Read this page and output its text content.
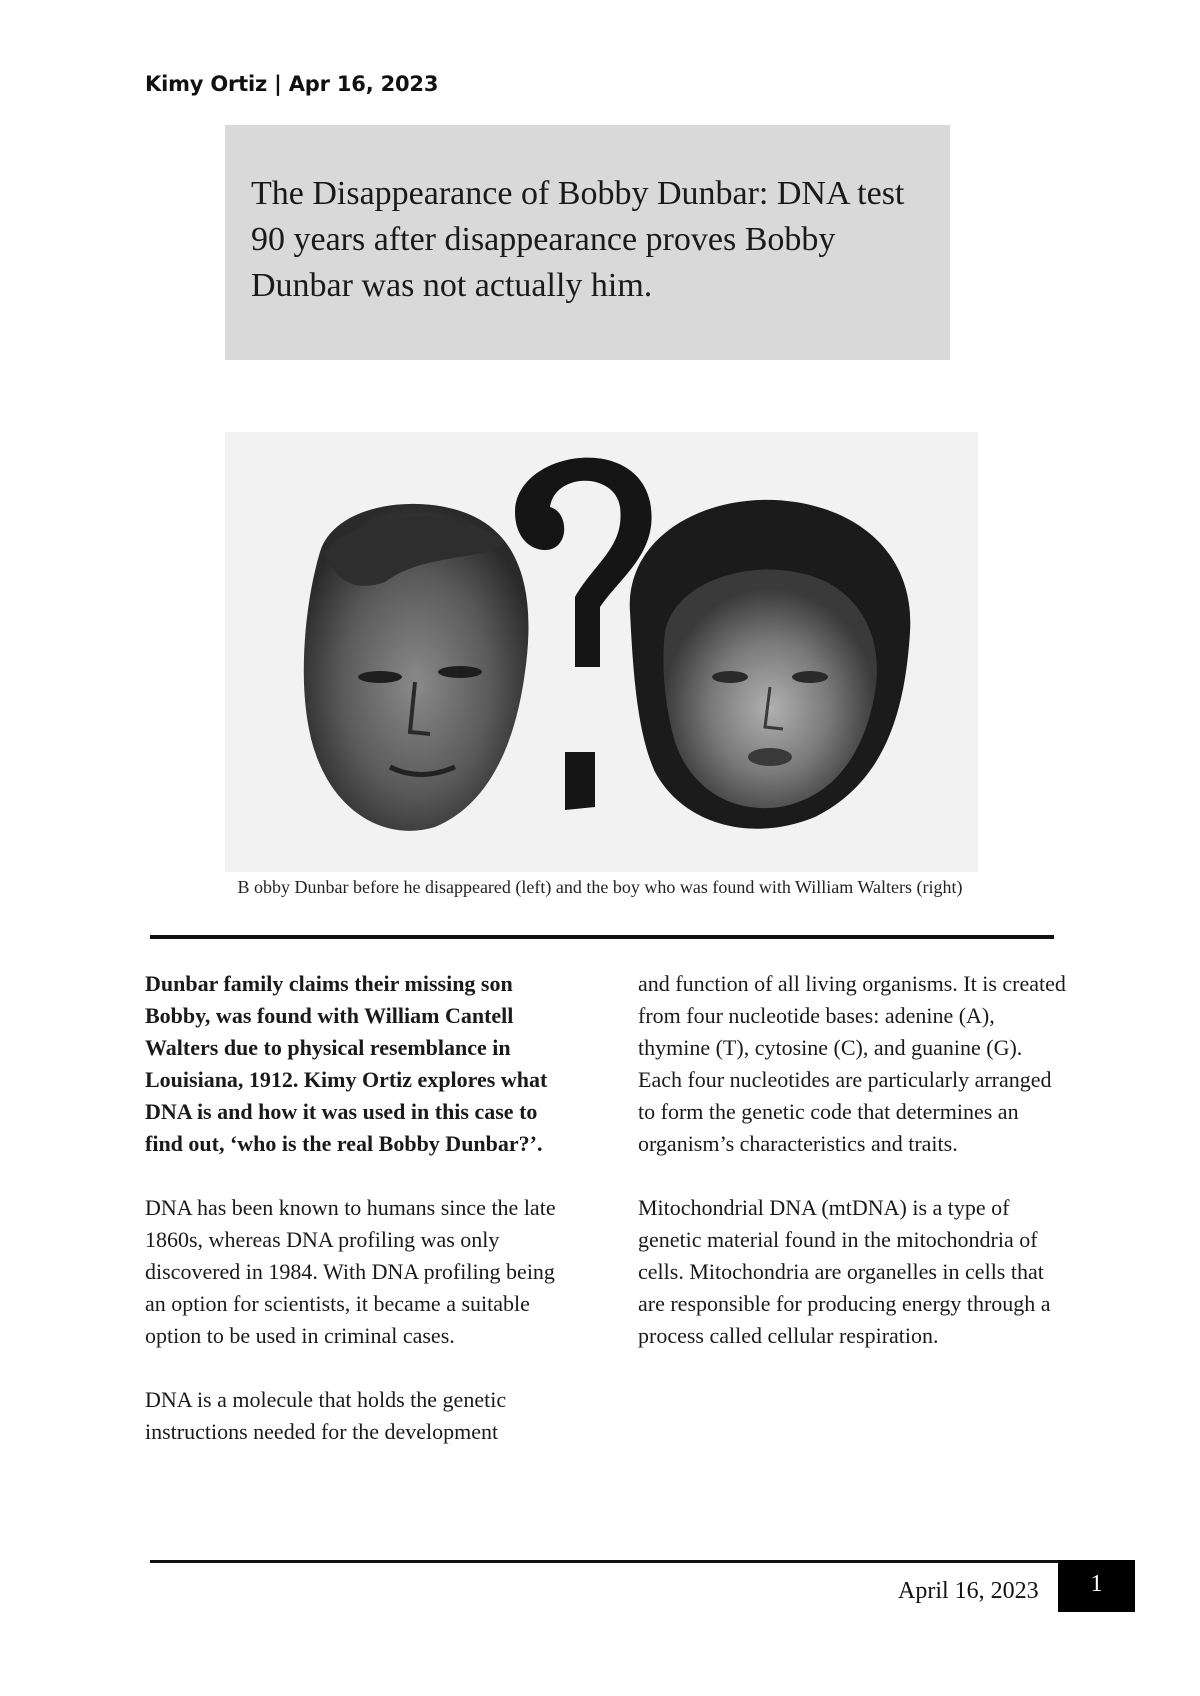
Kimy Ortiz | Apr 16, 2023
The Disappearance of Bobby Dunbar: DNA test 90 years after disappearance proves Bobby Dunbar was not actually him.
B obby Dunbar before he disappeared (left) and the boy who was found with William Walters (right)

Dunbar family claims their missing son Bobby, was found with William Cantell Walters due to physical resemblance in Louisiana, 1912. Kimy Ortiz explores what DNA is and how it was used in this case to find out, ‘who is the real Bobby Dunbar?’.

DNA has been known to humans since the late 1860s, whereas DNA profiling was only discovered in 1984. With DNA profiling being an option for scientists, it became a suitable option to be used in criminal cases.

DNA is a molecule that holds the genetic instructions needed for the development

and function of all living organisms. It is created from four nucleotide bases: adenine (A), thymine (T), cytosine (C), and guanine (G). Each four nucleotides are particularly arranged to form the genetic code that determines an organism’s characteristics and traits.

Mitochondrial DNA (mtDNA) is a type of genetic material found in the mitochondria of cells. Mitochondria are organelles in cells that are responsible for producing energy through a process called cellular respiration.

April 16, 2023	1
